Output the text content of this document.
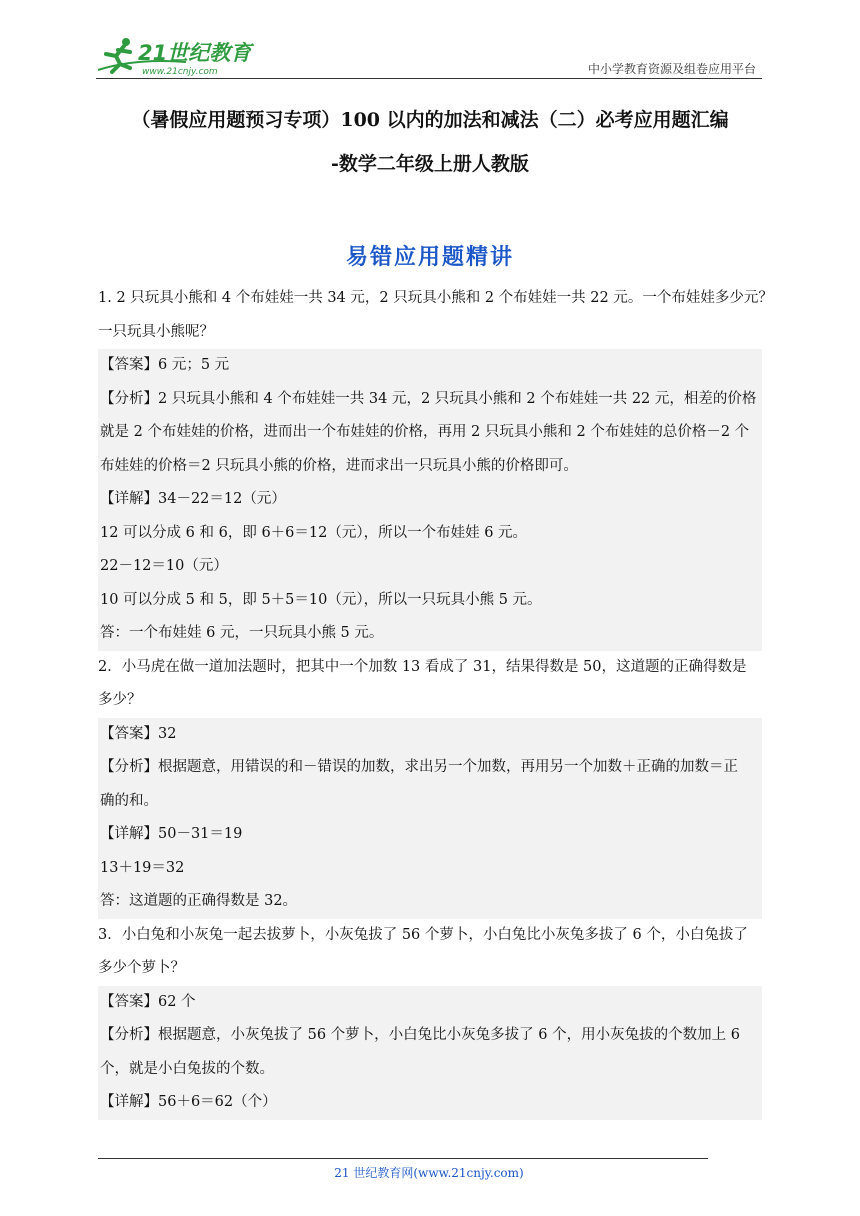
21世纪教育
www.21cnjy.com	中小学教育资源及组卷应用平台
（暑假应用题预习专项）100 以内的加法和减法（二）必考应用题汇编
-数学二年级上册人教版
易错应用题精讲
1. 2 只玩具小熊和 4 个布娃娃一共 34 元，2 只玩具小熊和 2 个布娃娃一共 22 元。一个布娃娃多少元？
一只玩具小熊呢？
【答案】6 元；5 元
【分析】2 只玩具小熊和 4 个布娃娃一共 34 元，2 只玩具小熊和 2 个布娃娃一共 22 元，相差的价格
就是 2 个布娃娃的价格，进而出一个布娃娃的价格，再用 2 只玩具小熊和 2 个布娃娃的总价格－2 个
布娃娃的价格＝2 只玩具小熊的价格，进而求出一只玩具小熊的价格即可。
【详解】34－22＝12（元）
12 可以分成 6 和 6，即 6＋6＝12（元），所以一个布娃娃 6 元。
22－12＝10（元）
10 可以分成 5 和 5，即 5＋5＝10（元），所以一只玩具小熊 5 元。
答：一个布娃娃 6 元，一只玩具小熊 5 元。
2．小马虎在做一道加法题时，把其中一个加数 13 看成了 31，结果得数是 50，这道题的正确得数是
多少？
【答案】32
【分析】根据题意，用错误的和－错误的加数，求出另一个加数，再用另一个加数＋正确的加数＝正
确的和。
【详解】50－31＝19
13＋19＝32
答：这道题的正确得数是 32。
3．小白兔和小灰兔一起去拔萝卜，小灰兔拔了 56 个萝卜，小白兔比小灰兔多拔了 6 个，小白兔拔了
多少个萝卜？
【答案】62 个
【分析】根据题意，小灰兔拔了 56 个萝卜，小白兔比小灰兔多拔了 6 个，用小灰兔拔的个数加上 6
个，就是小白兔拔的个数。
【详解】56＋6＝62（个）
21 世纪教育网(www.21cnjy.com)
